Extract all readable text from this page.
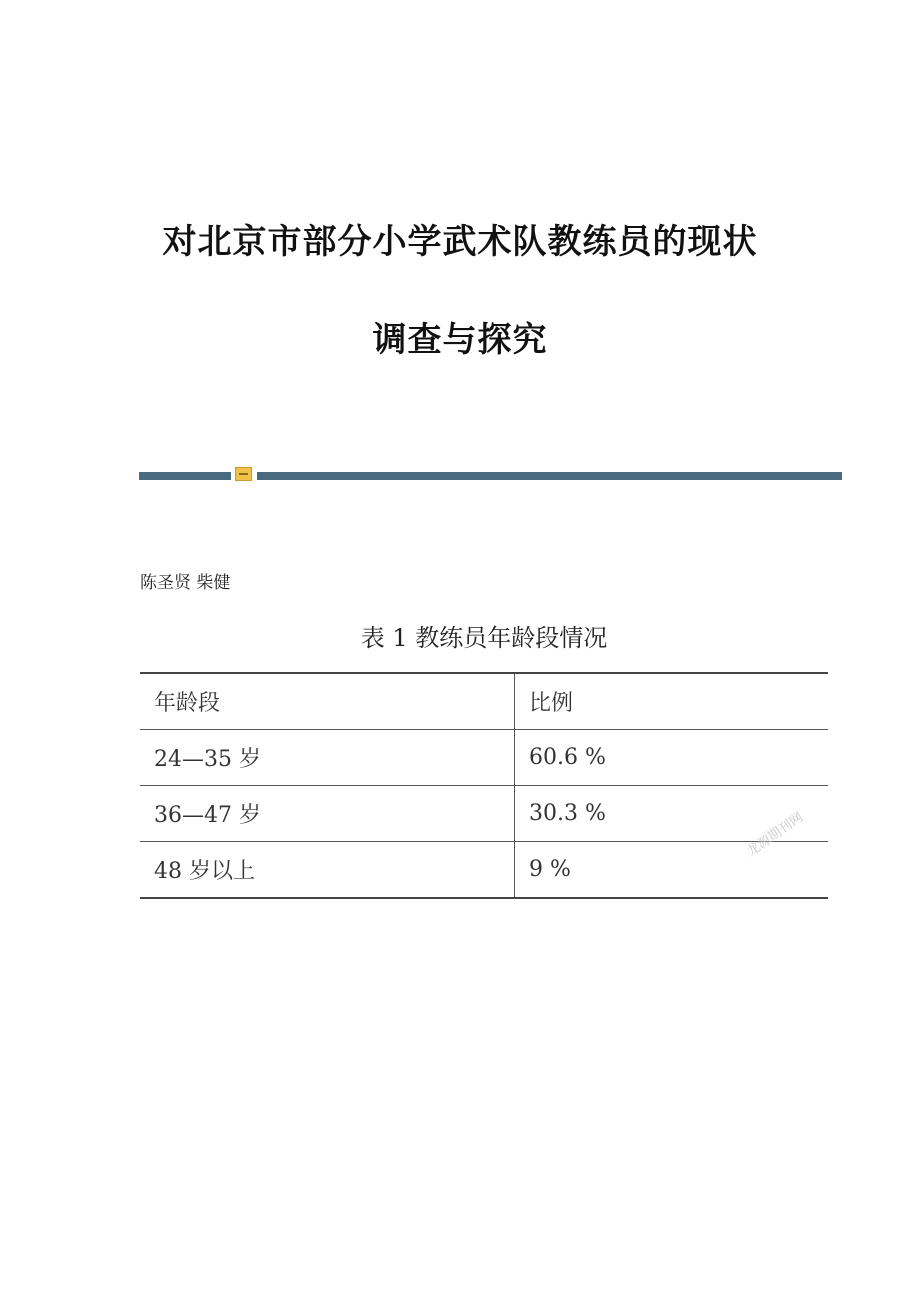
对北京市部分小学武术队教练员的现状
调查与探究
陈圣贤 柴健
表 1 教练员年龄段情况
年龄段	比例
24—35 岁	60.6 %
36—47 岁	30.3 %
48 岁以上	9 %
龙源期刊网
